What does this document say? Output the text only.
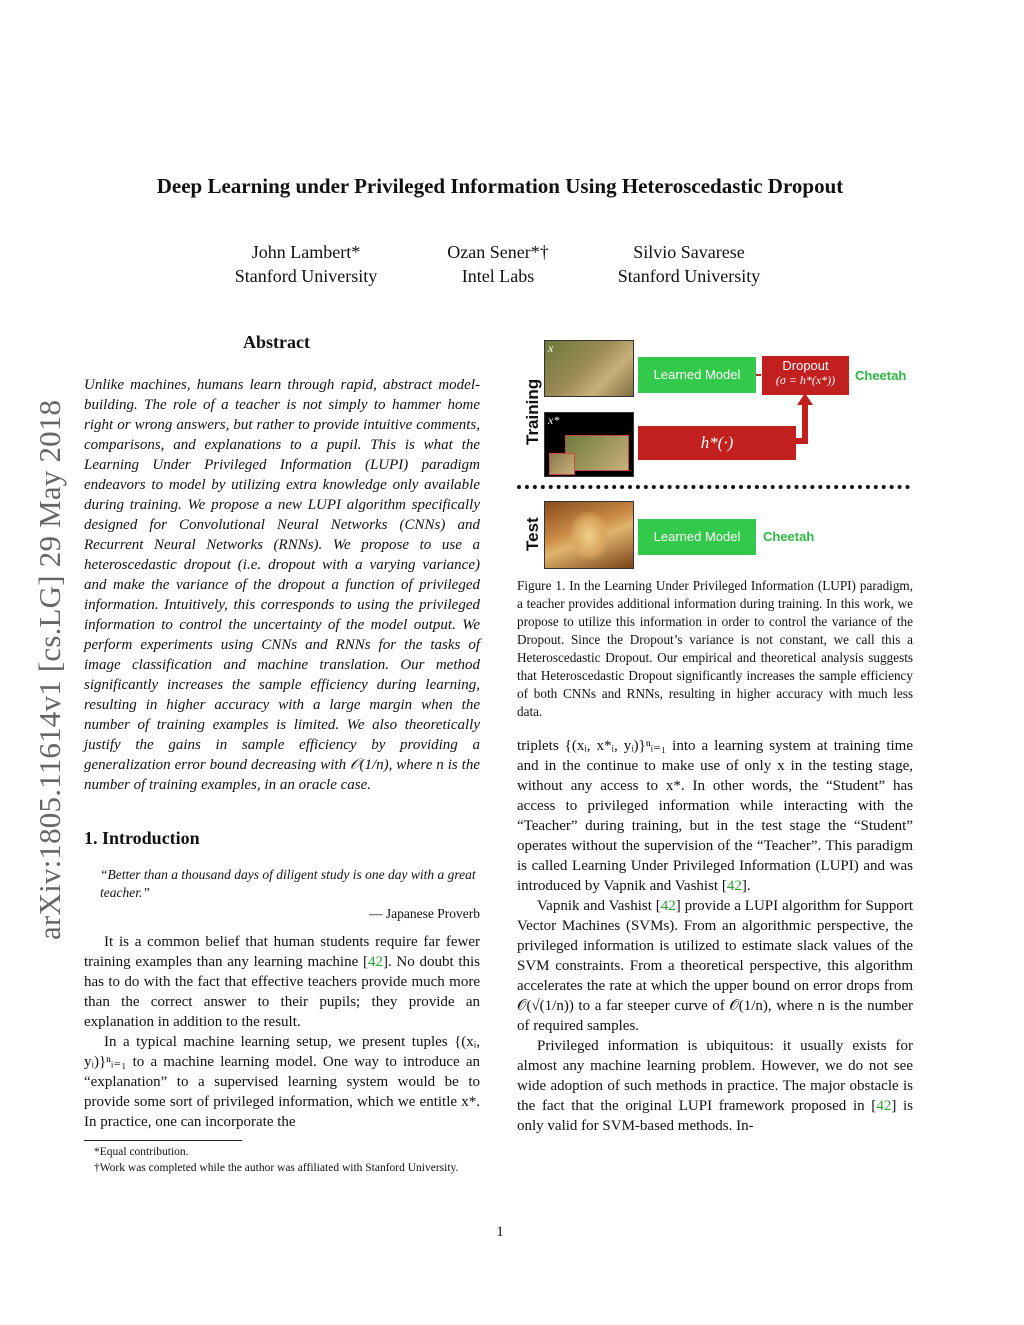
Deep Learning under Privileged Information Using Heteroscedastic Dropout
John Lambert*
Stanford University
Ozan Sener*†
Intel Labs
Silvio Savarese
Stanford University
arXiv:1805.11614v1 [cs.LG] 29 May 2018
Abstract
Unlike machines, humans learn through rapid, abstract model-building. The role of a teacher is not simply to hammer home right or wrong answers, but rather to provide intuitive comments, comparisons, and explanations to a pupil. This is what the Learning Under Privileged Information (LUPI) paradigm endeavors to model by utilizing extra knowledge only available during training. We propose a new LUPI algorithm specifically designed for Convolutional Neural Networks (CNNs) and Recurrent Neural Networks (RNNs). We propose to use a heteroscedastic dropout (i.e. dropout with a varying variance) and make the variance of the dropout a function of privileged information. Intuitively, this corresponds to using the privileged information to control the uncertainty of the model output. We perform experiments using CNNs and RNNs for the tasks of image classification and machine translation. Our method significantly increases the sample efficiency during learning, resulting in higher accuracy with a large margin when the number of training examples is limited. We also theoretically justify the gains in sample efficiency by providing a generalization error bound decreasing with 𝒪(1/n), where n is the number of training examples, in an oracle case.
1. Introduction
“Better than a thousand days of diligent study is one day with a great teacher.”
— Japanese Proverb

It is a common belief that human students require far fewer training examples than any learning machine [42]. No doubt this has to do with the fact that effective teachers provide much more than the correct answer to their pupils; they provide an explanation in addition to the result.

In a typical machine learning setup, we present tuples {(xᵢ, yᵢ)}ⁿᵢ₌₁ to a machine learning model. One way to introduce an “explanation” to a supervised learning system would be to provide some sort of privileged information, which we entitle x*. In practice, one can incorporate the

*Equal contribution.
†Work was completed while the author was affiliated with Stanford University.
Training
Test
x
x*
Learned Model
Dropout
(σ = h*(x*))	Cheetah
h*(·)
Learned Model	Cheetah
Figure 1. In the Learning Under Privileged Information (LUPI) paradigm, a teacher provides additional information during training. In this work, we propose to utilize this information in order to control the variance of the Dropout. Since the Dropout’s variance is not constant, we call this a Heteroscedastic Dropout. Our empirical and theoretical analysis suggests that Heteroscedastic Dropout significantly increases the sample efficiency of both CNNs and RNNs, resulting in higher accuracy with much less data.

triplets {(xᵢ, x*ᵢ, yᵢ)}ⁿᵢ₌₁ into a learning system at training time and in the continue to make use of only x in the testing stage, without any access to x*. In other words, the “Student” has access to privileged information while interacting with the “Teacher” during training, but in the test stage the “Student” operates without the supervision of the “Teacher”. This paradigm is called Learning Under Privileged Information (LUPI) and was introduced by Vapnik and Vashist [42].

Vapnik and Vashist [42] provide a LUPI algorithm for Support Vector Machines (SVMs). From an algorithmic perspective, the privileged information is utilized to estimate slack values of the SVM constraints. From a theoretical perspective, this algorithm accelerates the rate at which the upper bound on error drops from 𝒪(√(1/n)) to a far steeper curve of 𝒪(1/n), where n is the number of required samples.

Privileged information is ubiquitous: it usually exists for almost any machine learning problem. However, we do not see wide adoption of such methods in practice. The major obstacle is the fact that the original LUPI framework proposed in [42] is only valid for SVM-based methods. In-

1
